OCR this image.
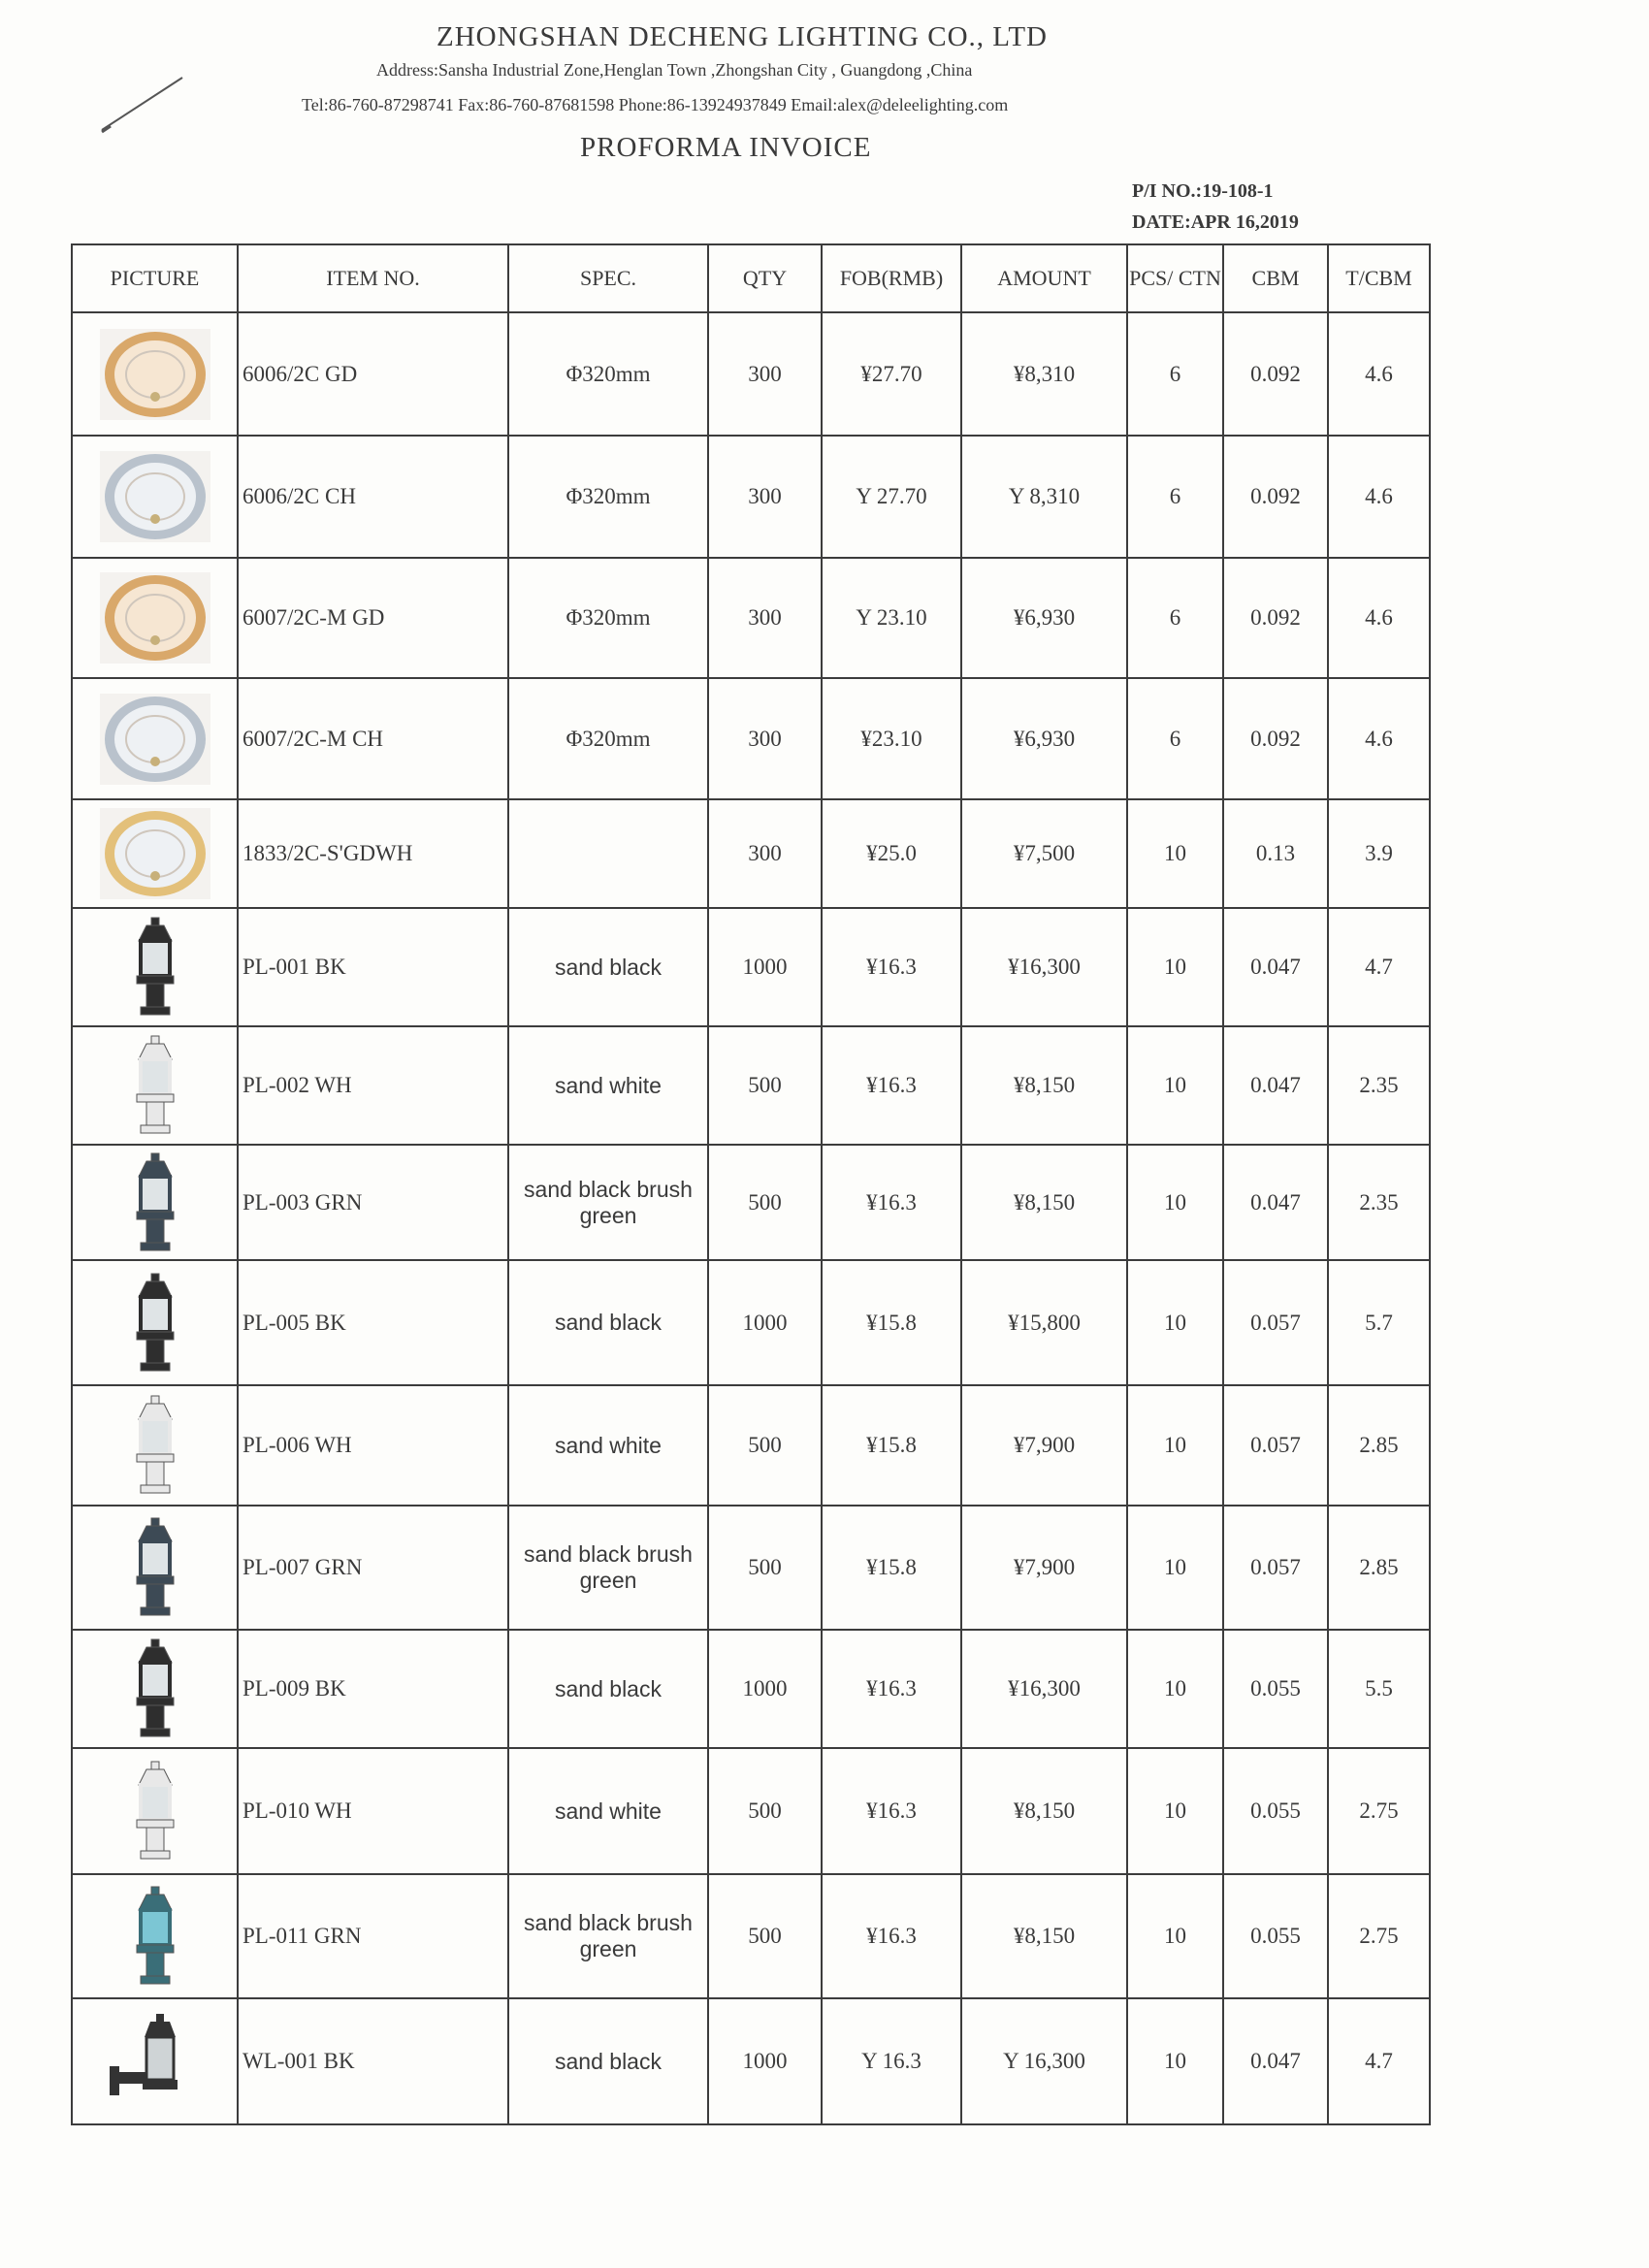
ZHONGSHAN DECHENG LIGHTING CO., LTD
Address:Sansha Industrial Zone,Henglan Town ,Zhongshan City , Guangdong ,China
Tel:86-760-87298741 Fax:86-760-87681598 Phone:86-13924937849 Email:alex@deleelighting.com
PROFORMA INVOICE
P/I NO.:19-108-1
DATE:APR 16,2019
PICTURE	ITEM NO.	SPEC.	QTY	FOB(RMB)	AMOUNT	PCS/ CTN	CBM	T/CBM

	6006/2C GD	Φ320mm	300	¥27.70	¥8,310	6	0.092	4.6

	6006/2C CH	Φ320mm	300	Y 27.70	Y 8,310	6	0.092	4.6

	6007/2C-M GD	Φ320mm	300	Y 23.10	¥6,930	6	0.092	4.6

	6007/2C-M CH	Φ320mm	300	¥23.10	¥6,930	6	0.092	4.6

	1833/2C-S'GDWH		300	¥25.0	¥7,500	10	0.13	3.9

	PL-001 BK	sand black	1000	¥16.3	¥16,300	10	0.047	4.7

	PL-002 WH	sand white	500	¥16.3	¥8,150	10	0.047	2.35

	PL-003 GRN	sand black brush green	500	¥16.3	¥8,150	10	0.047	2.35

	PL-005 BK	sand black	1000	¥15.8	¥15,800	10	0.057	5.7

	PL-006 WH	sand white	500	¥15.8	¥7,900	10	0.057	2.85

	PL-007 GRN	sand black brush green	500	¥15.8	¥7,900	10	0.057	2.85

	PL-009 BK	sand black	1000	¥16.3	¥16,300	10	0.055	5.5

	PL-010 WH	sand white	500	¥16.3	¥8,150	10	0.055	2.75

	PL-011 GRN	sand black brush green	500	¥16.3	¥8,150	10	0.055	2.75

	WL-001 BK	sand black	1000	Y 16.3	Y 16,300	10	0.047	4.7
